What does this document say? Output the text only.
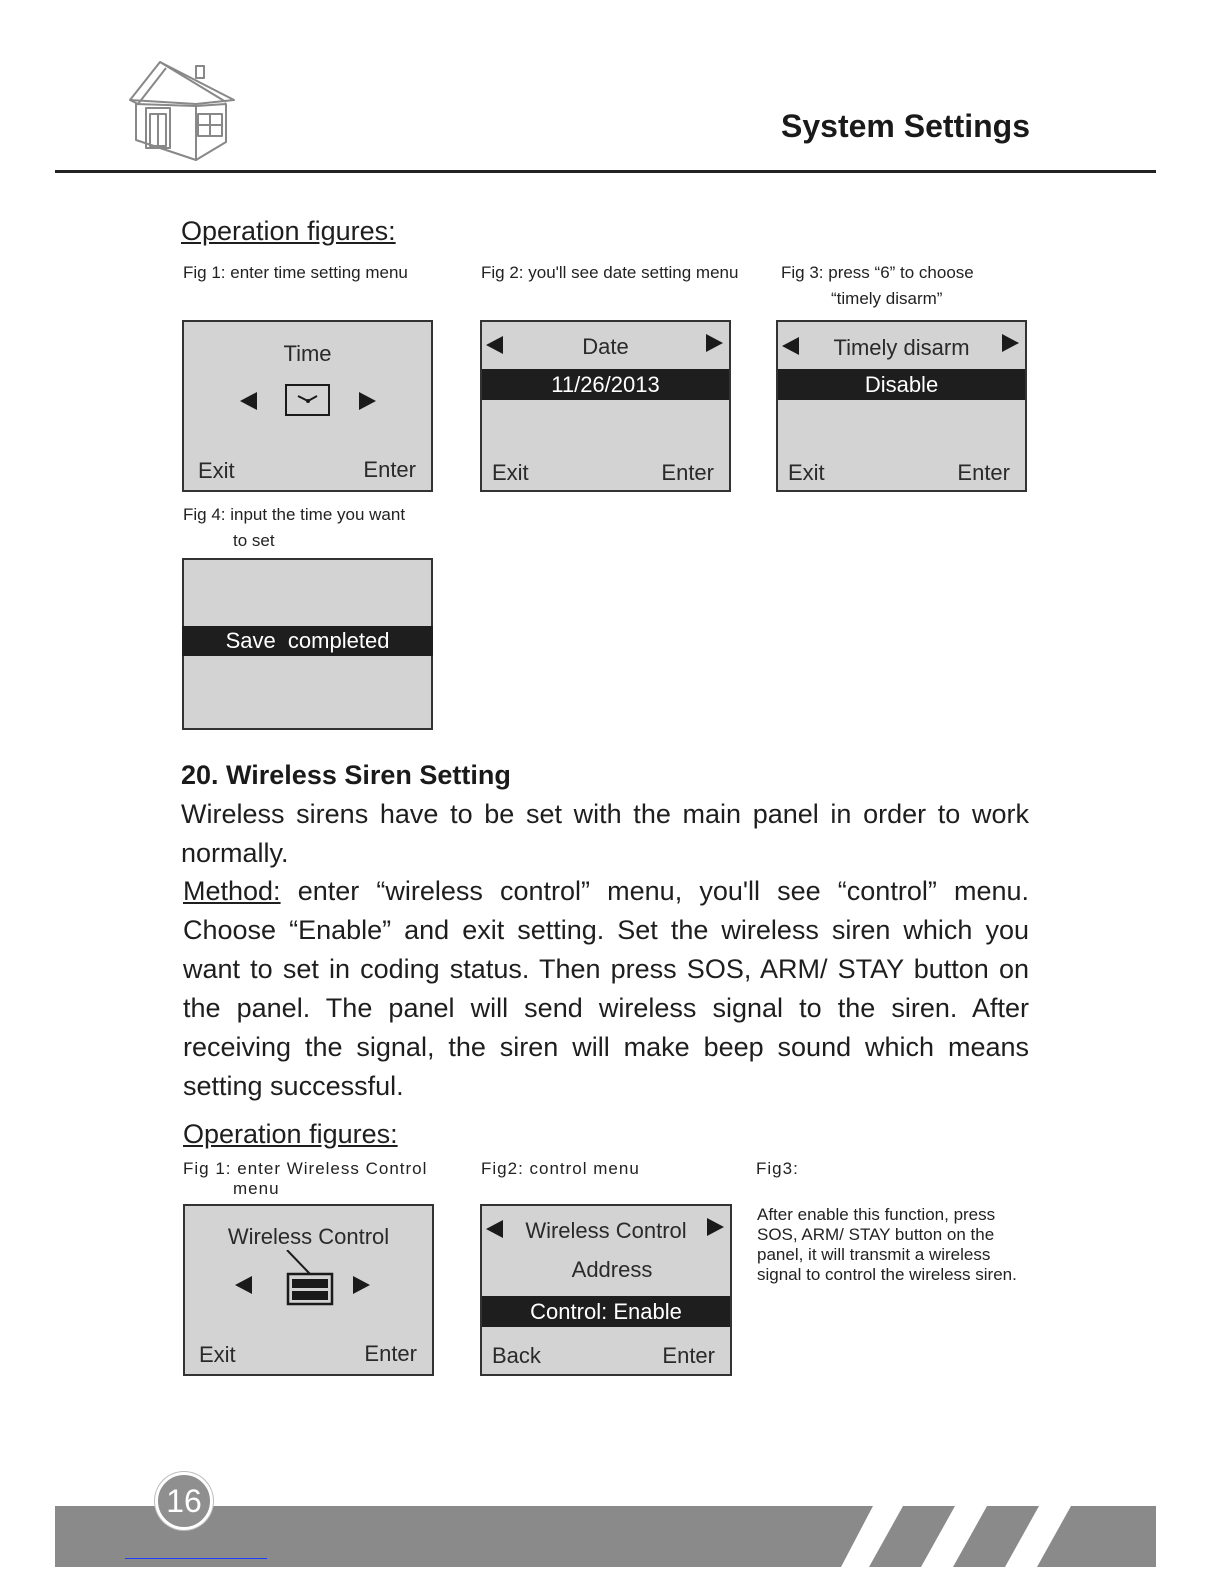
System Settings
Operation figures:
Fig 1: enter time setting menu	Fig 2: you'll see date setting menu	Fig 3: press “6” to choose
“timely disarm”
Time
Exit	Enter
Date
11/26/2013
Exit	Enter
Timely disarm
Disable
Exit	Enter
Fig 4: input the time you want
to set
Save  completed
20. Wireless Siren Setting
Wireless sirens have to be set with the main panel in order to work normally.
Method: enter “wireless control” menu, you'll see “control” menu. Choose “Enable” and exit setting. Set the wireless siren which you want to set in coding status. Then press SOS, ARM/ STAY button on the panel. The panel will send wireless signal to the siren. After receiving the signal, the siren will make beep sound which means setting successful.
Operation figures:
Fig 1: enter Wireless Control
menu
Fig2: control menu	Fig3:
Wireless Control
Exit	Enter
Wireless Control
Address
Control: Enable
Back	Enter
After enable this function, press SOS, ARM/ STAY button on the panel, it will transmit a wireless signal to control the wireless siren.
16
